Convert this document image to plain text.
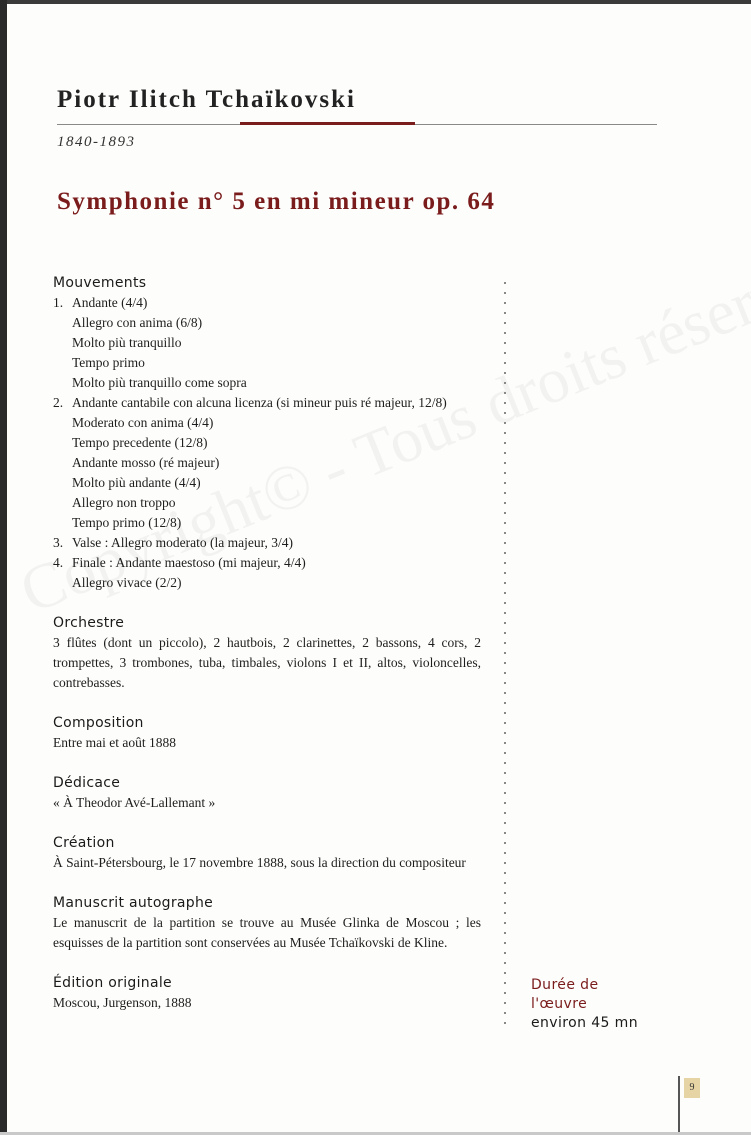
Piotr Ilitch Tchaïkovski
1840-1893
Symphonie n° 5 en mi mineur op. 64
Mouvements
1. Andante (4/4)
Allegro con anima (6/8)
Molto più tranquillo
Tempo primo
Molto più tranquillo come sopra
2. Andante cantabile con alcuna licenza (si mineur puis ré majeur, 12/8)
Moderato con anima (4/4)
Tempo precedente (12/8)
Andante mosso (ré majeur)
Molto più andante (4/4)
Allegro non troppo
Tempo primo (12/8)
3. Valse : Allegro moderato (la majeur, 3/4)
4. Finale : Andante maestoso (mi majeur, 4/4)
Allegro vivace (2/2)
Orchestre
3 flûtes (dont un piccolo), 2 hautbois, 2 clarinettes, 2 bassons, 4 cors, 2 trompettes, 3 trombones, tuba, timbales, violons I et II, altos, violoncelles, contrebasses.
Composition
Entre mai et août 1888
Dédicace
« À Theodor Avé-Lallemant »
Création
À Saint-Pétersbourg, le 17 novembre 1888, sous la direction du compositeur
Manuscrit autographe
Le manuscrit de la partition se trouve au Musée Glinka de Moscou ; les esquisses de la partition sont conservées au Musée Tchaïkovski de Kline.
Édition originale
Moscou, Jurgenson, 1888
Durée de
l'œuvre
environ 45 mn
9
